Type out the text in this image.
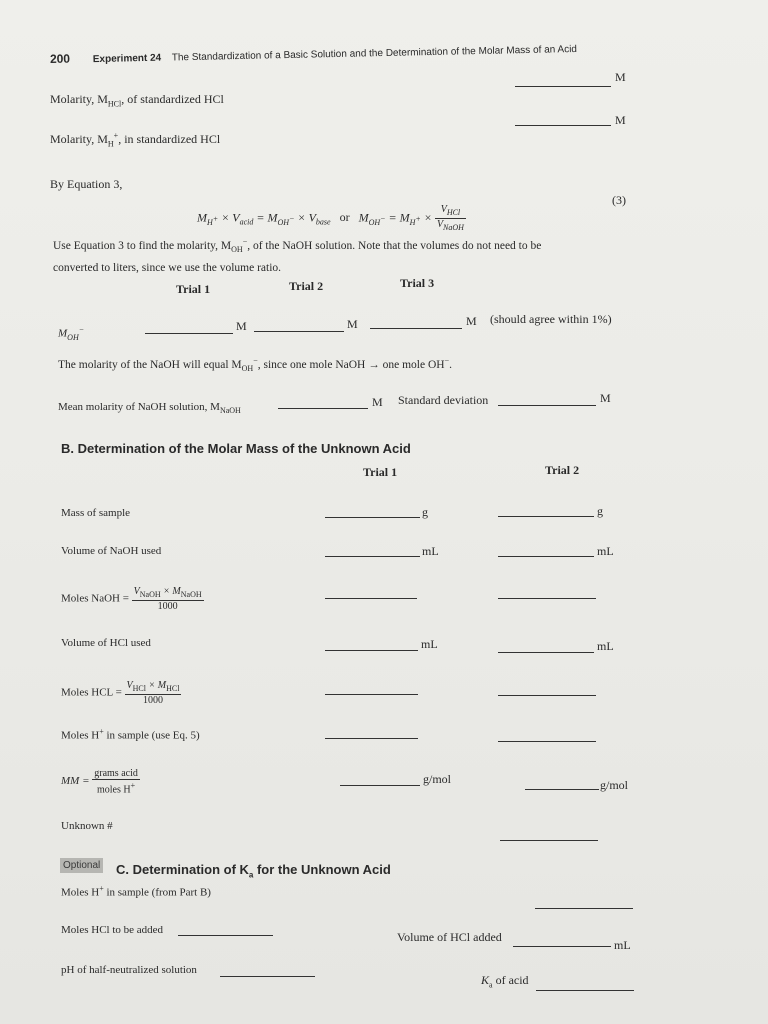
200 Experiment 24 The Standardization of a Basic Solution and the Determination of the Molar Mass of an Acid
M
Molarity, $M_{HCl}$, of standardized HCl
M
Molarity, $M_H^+$, in standardized HCl
By Equation 3,
$M_{H^+} \times V_{acid} = M_{OH^-} \times V_{base}$ or $M_{OH^-} = M_{H^+} \times \frac{V_{HCl}}{V_{NaOH}}$
(3)
Use Equation 3 to find the molarity, $M_{OH}^-$, of the NaOH solution. Note that the volumes do not need to be
converted to liters, since we use the volume ratio.
Trial 1	Trial 2	Trial 3
$M_{OH}^-$	M	M	M (should agree within 1%)
The molarity of the NaOH will equal $M_{OH}^-$, since one mole NaOH → one mole OH−.
Mean molarity of NaOH solution, $M_{NaOH}$
M Standard deviation	M
B. Determination of the Molar Mass of the Unknown Acid
Trial 1	Trial 2
Mass of sample	g	g
Volume of NaOH used	mL	mL
Moles NaOH = $\frac{V_{NaOH} \times M_{NaOH}}{1000}$
Volume of HCl used	mL	mL
Moles HCL = $\frac{V_{HCl} \times M_{HCl}}{1000}$
Moles H+ in sample (use Eq. 5)
MM = $\frac{\text{grams acid}}{moles H^+}$	g/mol	g/mol
Unknown #
Optional C. Determination of $K_a$ for the Unknown Acid
Moles H+ in sample (from Part B)
Moles HCl to be added	Volume of HCl added
mL
pH of half-neutralized solution
$K_a$ of acid
